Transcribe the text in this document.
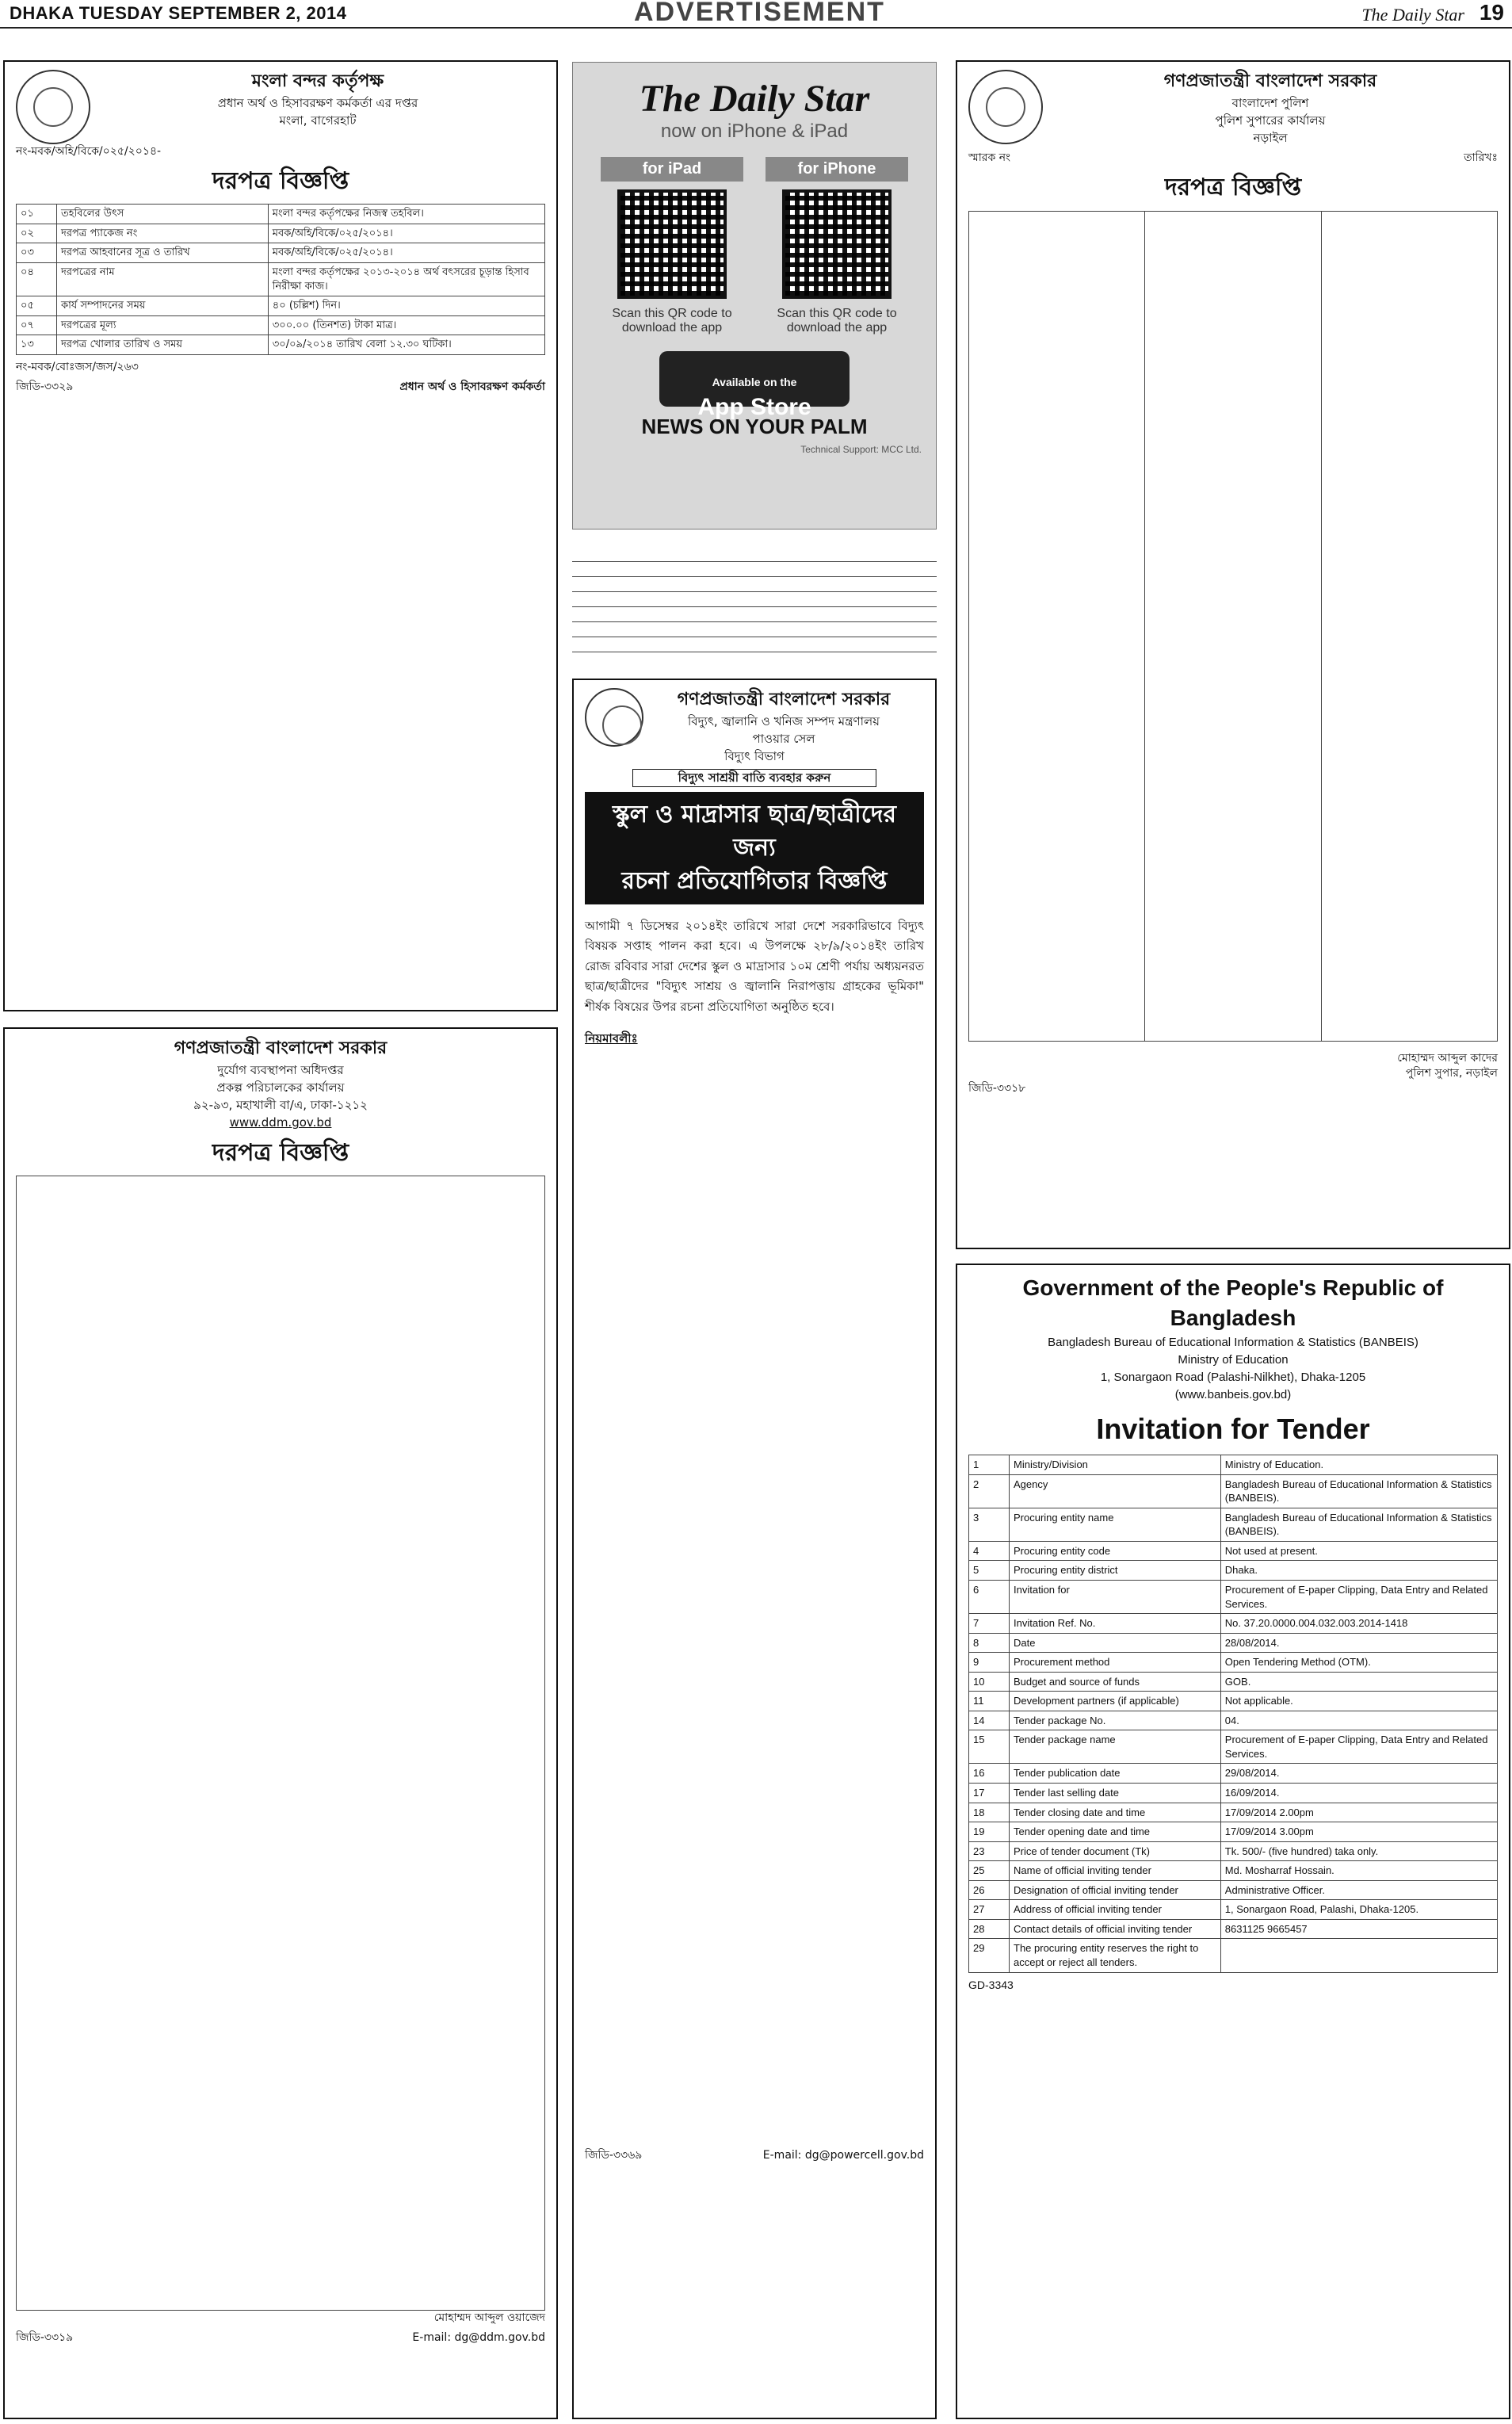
DHAKA TUESDAY SEPTEMBER 2, 2014	ADVERTISEMENT	The Daily Star 19
মংলা বন্দর কর্তৃপক্ষ
প্রধান অর্থ ও হিসাবরক্ষণ কর্মকর্তা এর দপ্তর
মংলা, বাগেরহাট
নং-মবক/অহি/বিকে/০২৫/২০১৪-
দরপত্র বিজ্ঞপ্তি
০১	তহবিলের উৎস	মংলা বন্দর কর্তৃপক্ষের নিজস্ব তহবিল।
০২	দরপত্র প্যাকেজ নং	মবক/অহি/বিকে/০২৫/২০১৪।
০৩	দরপত্র আহবানের সূত্র ও তারিখ	মবক/অহি/বিকে/০২৫/২০১৪।
০৪	দরপত্রের নাম	মংলা বন্দর কর্তৃপক্ষের ২০১৩-২০১৪ অর্থ বৎসরের চূড়ান্ত হিসাব নিরীক্ষা কাজ।
০৫	কার্য সম্পাদনের সময়	৪০ (চল্লিশ) দিন।
০৭	দরপত্রের মূল্য	৩০০.০০ (তিনশত) টাকা মাত্র।
১৩	দরপত্র খোলার তারিখ ও সময়	৩০/০৯/২০১৪ তারিখ বেলা ১২.৩০ ঘটিকা।
নং-মবক/বোঃজস/জস/২৬৩
জিডি-৩৩২৯	প্রধান অর্থ ও হিসাবরক্ষণ কর্মকর্তা
The Daily Star
now on iPhone & iPad
for iPad
Scan this QR code to download the app
for iPhone
Scan this QR code to download the app
Available on the
App Store
NEWS ON YOUR PALM
Technical Support: MCC Ltd.
গণপ্রজাতন্ত্রী বাংলাদেশ সরকার
বাংলাদেশ পুলিশ
পুলিশ সুপারের কার্যালয়
নড়াইল
স্মারক নং	তারিখঃ
দরপত্র বিজ্ঞপ্তি

মোহাম্মদ আব্দুল কাদের
পুলিশ সুপার, নড়াইল
জিডি-৩৩১৮
গণপ্রজাতন্ত্রী বাংলাদেশ সরকার
বিদ্যুৎ, জ্বালানি ও খনিজ সম্পদ মন্ত্রণালয়
পাওয়ার সেল
বিদ্যুৎ বিভাগ
বিদ্যুৎ সাশ্রয়ী বাতি ব্যবহার করুন
স্কুল ও মাদ্রাসার ছাত্র/ছাত্রীদের জন্য
রচনা প্রতিযোগিতার বিজ্ঞপ্তি

আগামী ৭ ডিসেম্বর ২০১৪ইং তারিখে সারা দেশে সরকারিভাবে বিদ্যুৎ বিষয়ক সপ্তাহ পালন করা হবে। এ উপলক্ষে ২৮/৯/২০১৪ইং তারিখ রোজ রবিবার সারা দেশের স্কুল ও মাদ্রাসার ১০ম শ্রেণী পর্যায় অধ্যয়নরত ছাত্র/ছাত্রীদের "বিদ্যুৎ সাশ্রয় ও জ্বালানি নিরাপত্তায় গ্রাহকের ভূমিকা" শীর্ষক বিষয়ের উপর রচনা প্রতিযোগিতা অনুষ্ঠিত হবে।

নিয়মাবলীঃ
জিডি-৩৩৬৯	E-mail: dg@powercell.gov.bd
গণপ্রজাতন্ত্রী বাংলাদেশ সরকার
দুর্যোগ ব্যবস্থাপনা অধিদপ্তর
প্রকল্প পরিচালকের কার্যালয়
৯২-৯৩, মহাখালী বা/এ, ঢাকা-১২১২
www.ddm.gov.bd
দরপত্র বিজ্ঞপ্তি
মোহাম্মদ আব্দুল ওয়াজেদ
জিডি-৩৩১৯	E-mail: dg@ddm.gov.bd
Government of the People's Republic of Bangladesh
Bangladesh Bureau of Educational Information & Statistics (BANBEIS)
Ministry of Education
1, Sonargaon Road (Palashi-Nilkhet), Dhaka-1205
(www.banbeis.gov.bd)
Invitation for Tender
1	Ministry/Division	Ministry of Education.
2	Agency	Bangladesh Bureau of Educational Information & Statistics (BANBEIS).
3	Procuring entity name	Bangladesh Bureau of Educational Information & Statistics (BANBEIS).
4	Procuring entity code	Not used at present.
5	Procuring entity district	Dhaka.
6	Invitation for	Procurement of E-paper Clipping, Data Entry and Related Services.
7	Invitation Ref. No.	No. 37.20.0000.004.032.003.2014-1418
8	Date	28/08/2014.
9	Procurement method	Open Tendering Method (OTM).
10	Budget and source of funds	GOB.
11	Development partners (if applicable)	Not applicable.
14	Tender package No.	04.
15	Tender package name	Procurement of E-paper Clipping, Data Entry and Related Services.
16	Tender publication date	29/08/2014.
17	Tender last selling date	16/09/2014.
18	Tender closing date and time	17/09/2014 2.00pm
19	Tender opening date and time	17/09/2014 3.00pm
23	Price of tender document (Tk)	Tk. 500/- (five hundred) taka only.
25	Name of official inviting tender	Md. Mosharraf Hossain.
26	Designation of official inviting tender	Administrative Officer.
27	Address of official inviting tender	1, Sonargaon Road, Palashi, Dhaka-1205.
28	Contact details of official inviting tender	8631125 9665457
29	The procuring entity reserves the right to accept or reject all tenders.	
GD-3343
